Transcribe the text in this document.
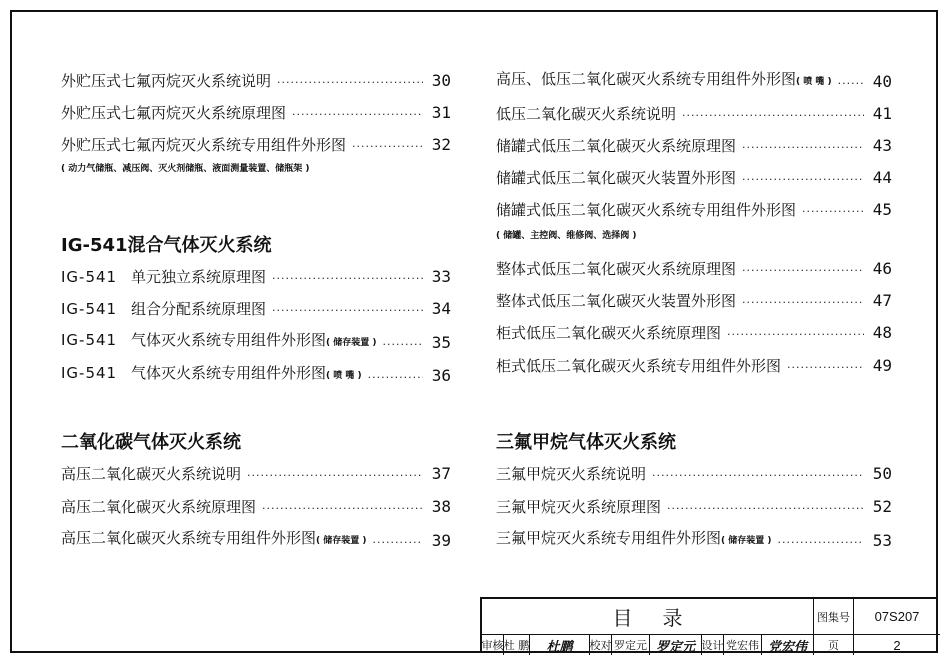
外贮压式七氟丙烷灭火系统说明 ·····	30
外贮压式七氟丙烷灭火系统原理图 ·····	31
外贮压式七氟丙烷灭火系统专用组件外形图 ·····	32
( 动力气储瓶、减压阀、灭火剂储瓶、液面测量装置、储瓶架 )
IG-541混合气体灭火系统
IG-541 单元独立系统原理图 ·····	33
IG-541 组合分配系统原理图 ·····	34
IG-541 气体灭火系统专用组件外形图( 储存装置 ) ·····	35
IG-541 气体灭火系统专用组件外形图( 喷 嘴 ) ·····	36
二氧化碳气体灭火系统
高压二氧化碳灭火系统说明 ·····	37
高压二氧化碳灭火系统原理图 ·····	38
高压二氧化碳灭火系统专用组件外形图( 储存装置 ) ·····	39
高压、低压二氧化碳灭火系统专用组件外形图( 喷 嘴 ) ·····	40
低压二氧化碳灭火系统说明 ·····	41
储罐式低压二氧化碳灭火系统原理图 ·····	43
储罐式低压二氧化碳灭火装置外形图 ·····	44
储罐式低压二氧化碳灭火系统专用组件外形图 ·····	45
( 储罐、主控阀、维修阀、选择阀 )
整体式低压二氧化碳灭火系统原理图 ·····	46
整体式低压二氧化碳灭火装置外形图 ·····	47
柜式低压二氧化碳灭火系统原理图 ·····	48
柜式低压二氧化碳灭火系统专用组件外形图 ·····	49
三氟甲烷气体灭火系统
三氟甲烷灭火系统说明 ·····	50
三氟甲烷灭火系统原理图 ·····	52
三氟甲烷灭火系统专用组件外形图( 储存装置 ) ·····	53
目录	图集号	07S207
审核 杜 鹏	杜鹏	校对 罗定元 罗定元 设计 党宏伟 党宏伟	页	2
